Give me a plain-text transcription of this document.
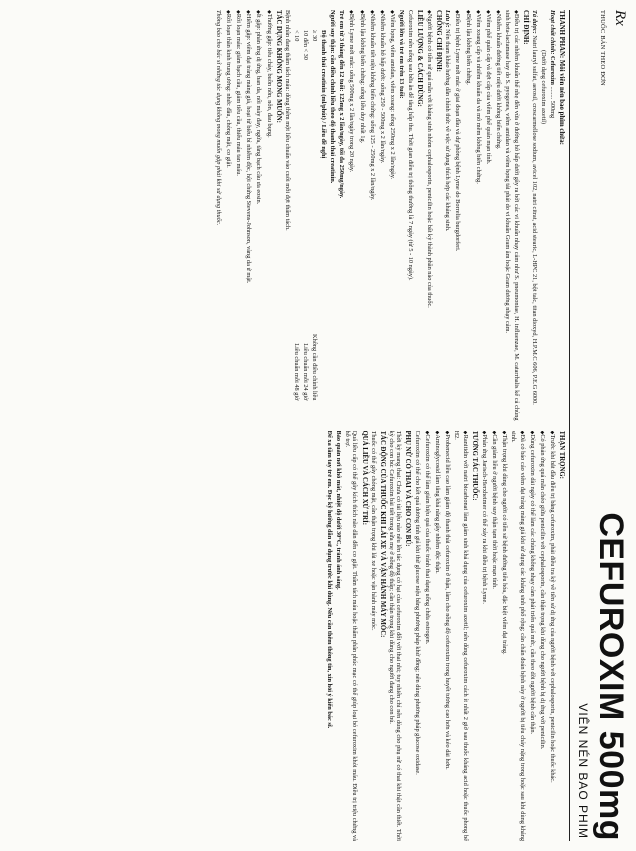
Rx
THUỐC BÁN THEO ĐƠN
CEFUROXIM 500mg
VIÊN NÉN BAO PHIM

THÀNH PHẦN: Mỗi viên nén bao phim chứa:

Hoạt chất chính: Cefuroxim ........ 500mg

(Dưới dạng cefuroxim axetil)

Tá dược: Natri lauryl sulfat, aerosil, croscarmellose sodium, avicel 102, natri citrat, acid stearic, L-HPC 21, bột talc, titan dioxyd, H.P.M.C 606, P.E.G 6000.

CHỈ ĐỊNH:

◆ Điều trị các nhiễm khuẩn thể nhẹ đến vừa ở đường hô hấp dưới gây ra bởi các vi khuẩn nhạy cảm như S. pneumoniae, H. influenzae, M. catarrhalis kể cả chủng sinh beta-lactamase hay do S. pyogenes, viêm amidan và viêm họng tái phát do vi khuẩn Gram âm hoặc Gram dương nhạy cảm.

◆ Nhiễm khuẩn đường tiết niệu dưới không biến chứng.

◆ Viêm phế quản cấp và đợt cấp của viêm phế quản mạn tính.

◆ Viêm xoang cấp và nhiễm khuẩn da và mô mềm không biến chứng.

◆ Bệnh lậu không biến chứng.

◆ Điều trị bệnh Lyme mới mắc ở giai đoạn đầu và dự phòng bệnh Lyme do Borrelia burgdorferi.

Lưu ý: Nên tham khảo hướng dẫn chính thức về việc sử dụng thích hợp các kháng sinh.

CHỐNG CHỈ ĐỊNH:

◆ Người bệnh có tiền sử quá mẫn với kháng sinh nhóm cephalosporin, penicilin hoặc bất kỳ thành phần nào của thuốc.

LIỀU LƯỢNG & CÁCH DÙNG:

Cefuroxim nên uống sau bữa ăn để tăng hấp thu. Thời gian điều trị thông thường là 7 ngày (từ 5 - 10 ngày).

Người lớn và trẻ em trên 13 tuổi:

◆ Viêm họng, viêm amidan, viêm xoang: uống 250mg x 2 lần/ngày.

◆ Nhiễm khuẩn hô hấp dưới: uống 250 - 500mg x 2 lần/ngày.

◆ Nhiễm khuẩn tiết niệu không biến chứng: uống 125 - 250mg x 2 lần/ngày.

◆ Bệnh lậu không biến chứng: uống liều duy nhất 1g.

◆ Bệnh Lyme mới mắc: uống 500mg x 2 lần/ngày trong 20 ngày.

Trẻ em từ 3 tháng đến 12 tuổi: 125mg x 2 lần/ngày, tối đa 250mg/ngày.

Người suy thận: cần điều chỉnh liều theo độ thanh thải creatinin.

Độ thanh thải creatinin (ml/phút) / Liều đề nghị

≥ 30
Không cần điều chỉnh liều

10 đến < 30
Liều chuẩn mỗi 24 giờ

< 10
Liều chuẩn mỗi 48 giờ

Bệnh nhân đang thẩm tách máu: dùng thêm một liều chuẩn vào cuối mỗi đợt thẩm tách.

TÁC DỤNG KHÔNG MONG MUỐN:

◆ Thường gặp: tiêu chảy, buồn nôn, nôn, đau bụng.

◆ Ít gặp: phản ứng dị ứng, ban da, nổi mày đay, ngứa, tăng bạch cầu ưa eosin.

◆ Hiếm gặp: viêm đại tràng màng giả, hoại tử biểu bì nhiễm độc, hội chứng Stevens-Johnson, vàng da ứ mật.

◆ Rối loạn máu: giảm bạch cầu, giảm tiểu cầu, thiếu máu tan máu.

◆ Rối loạn thần kinh trung ương: nhức đầu, chóng mặt, co giật.

Thông báo cho bác sĩ những tác dụng không mong muốn gặp phải khi sử dụng thuốc.

THẬN TRỌNG:

◆ Trước khi bắt đầu điều trị bằng cefuroxim, phải điều tra kỹ về tiền sử dị ứng của người bệnh với cephalosporin, penicilin hoặc thuốc khác.

◆ Có phản ứng quá mẫn chéo giữa penicilin với cephalosporin, cần thận trọng khi dùng cho người bệnh bị dị ứng với penicilin.

◆ Dùng cefuroxim dài ngày có thể làm các chủng không nhạy cảm phát triển quá mức, cần theo dõi người bệnh cẩn thận.

◆ Đã có báo cáo viêm đại tràng màng giả khi sử dụng các kháng sinh phổ rộng; cần chẩn đoán bệnh này ở người bị tiêu chảy nặng trong hoặc sau khi dùng kháng sinh.

◆ Thận trọng khi dùng cho người có tiền sử bệnh đường tiêu hóa, đặc biệt viêm đại tràng.

◆ Cần giảm liều ở người bệnh suy thận tạm thời hoặc mạn tính.

◆ Phản ứng Jarisch-Herxheimer có thể xảy ra khi điều trị bệnh Lyme.

TƯƠNG TÁC THUỐC:

◆ Ranitidin với natri bicarbonat làm giảm sinh khả dụng của cefuroxim axetil; nên dùng cefuroxim cách ít nhất 2 giờ sau thuốc kháng acid hoặc thuốc phong bế H2.

◆ Probenecid liều cao làm giảm độ thanh thải cefuroxim ở thận, làm cho nồng độ cefuroxim trong huyết tương cao hơn và kéo dài hơn.

◆ Aminoglycosid làm tăng khả năng gây nhiễm độc thận.

◆ Cefuroxim có thể làm giảm hiệu quả của thuốc tránh thai dạng uống chứa estrogen.

Cefuroxim có thể cho kết quả dương tính giả khi thử glucose niệu bằng phương pháp khử đồng; nên dùng phương pháp glucose oxidase.

PHỤ NỮ CÓ THAI VÀ CHO CON BÚ:

Thời kỳ mang thai: Chưa có tài liệu nào nêu lên tác dụng có hại của cefuroxim đối với thai nhi; tuy nhiên chỉ nên dùng cho phụ nữ có thai khi thật cần thiết. Thời kỳ cho con bú: Cefuroxim bài tiết trong sữa mẹ ở nồng độ thấp; cần thận trọng khi dùng cho người đang cho con bú.

TÁC ĐỘNG CỦA THUỐC KHI LÁI XE VÀ VẬN HÀNH MÁY MÓC:

Thuốc có thể gây chóng mặt, cần thận trọng khi lái xe hoặc vận hành máy móc.

QUÁ LIỀU VÀ CÁCH XỬ TRÍ:

Quá liều cấp có thể gây kích thích não dẫn đến co giật. Thẩm tách máu hoặc thẩm phân phúc mạc có thể giúp loại bỏ cefuroxim khỏi máu. Điều trị triệu chứng và hỗ trợ.

Bảo quản nơi khô mát, nhiệt độ dưới 30°C, tránh ánh sáng.

Để xa tầm tay trẻ em. Đọc kỹ hướng dẫn sử dụng trước khi dùng. Nếu cần thêm thông tin, xin hỏi ý kiến bác sĩ.
